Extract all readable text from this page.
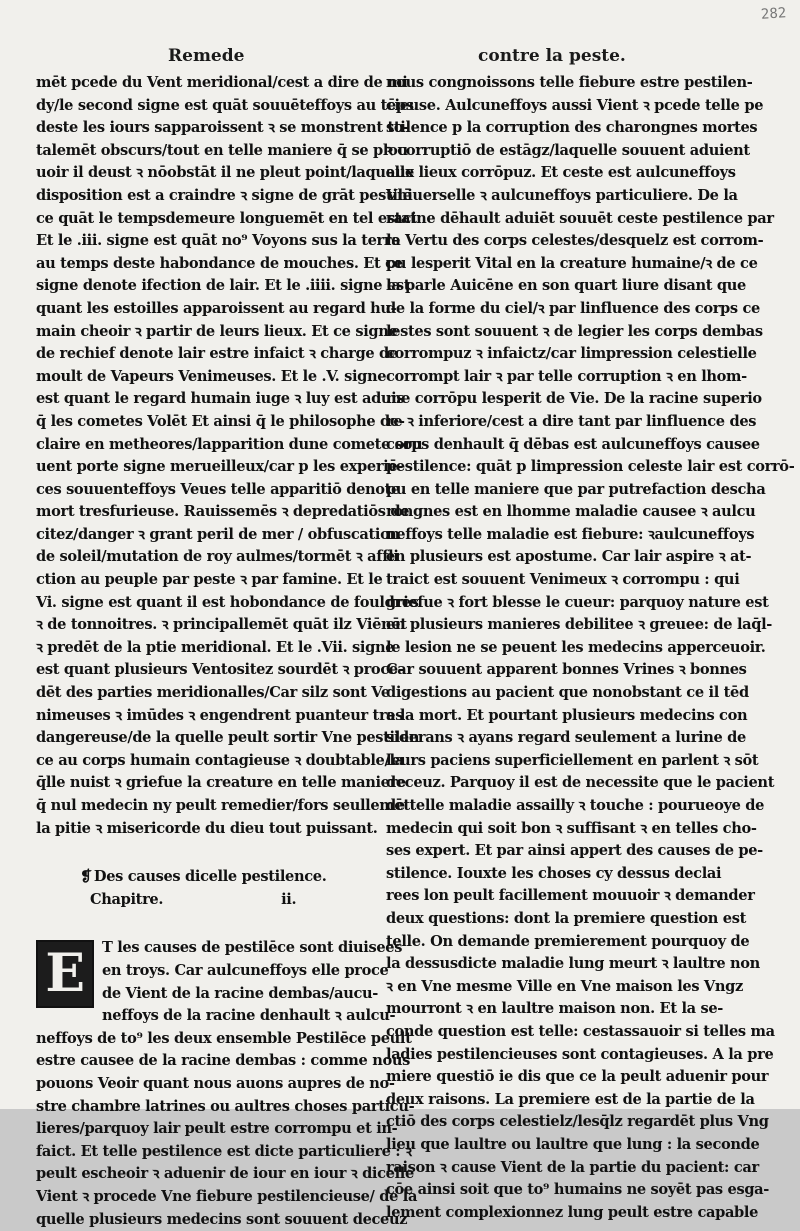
282
Remede	contre la peste.
mēt pcede du Vent meridional/cest a dire de mi
dy/le second signe est quāt souuēteffoys au tēps
deste les iours sapparoissent ꝛ se monstrent to-
talemēt obscurs/tout en telle maniere q̄ se plou
uoir il deust ꝛ nōobstāt il ne pleut point/laquelle
disposition est a craindre ꝛ signe de grāt pestilē
ce quāt le tempsdemeure longuemēt en tel estat
Et le .iii. signe est quāt no⁹ Voyons sus la terre
au temps deste habondance de mouches. Et ce
signe denote ifection de lair. Et le .iiii. signe est
quant les estoilles apparoissent au regard hu-
main cheoir ꝛ partir de leurs lieux. Et ce signe
de rechief denote lair estre infaict ꝛ charge de
moult de Vapeurs Venimeuses. Et le .V. signe
est quant le regard humain iuge ꝛ luy est aduis
q̄ les cometes Volēt Et ainsi q̄ le philosophe de-
claire en metheores/lapparition dune comete sou
uent porte signe merueilleux/car p les experiē-
ces souuenteffoys Veues telle apparitiō denote
mort tresfurieuse. Rauissemēs ꝛ depredatiōs de
citez/danger ꝛ grant peril de mer / obfuscation
de soleil/mutation de roy aulmes/tormēt ꝛ affli
ction au peuple par peste ꝛ par famine. Et le
Vi. signe est quant il est hobondance de fouldres
ꝛ de tonnoitres. ꝛ principallemēt quāt ilz Viēnēt
ꝛ predēt de la ptie meridional. Et le .Vii. signe
est quant plusieurs Ventositez sourdēt ꝛ proce-
dēt des parties meridionalles/Car silz sont Ve
nimeuses ꝛ imūdes ꝛ engendrent puanteur tres
dangereuse/de la quelle peult sortir Vne pestilen
ce au corps humain contagieuse ꝛ doubtable/la
q̄lle nuist ꝛ griefue la creature en telle maniere
q̄ nul medecin ny peult remedier/fors seullemēt
la pitie ꝛ misericorde du dieu tout puissant.
❡ Des causes dicelle pestilence.
Chapitre.	ii.
E	T les causes de pestilēce sont diuisees
en troys. Car aulcuneffoys elle proce
de Vient de la racine dembas/aucu-
neffoys de la racine denhault ꝛ aulcu-
neffoys de to⁹ les deux ensemble Pestilēce peult
estre causee de la racine dembas : comme nous
pouons Veoir quant nous auons aupres de no-
stre chambre latrines ou aultres choses particu-
lieres/parquoy lair peult estre corrompu et in-
faict. Et telle pestilence est dicte particuliere : ꝛ
peult escheoir ꝛ aduenir de iour en iour ꝛ dicelle
Vient ꝛ procede Vne fiebure pestilencieuse/ de la
quelle plusieurs medecins sont souuent deceuz
nous congnoissons telle fiebure estre pestilen-
cieuse. Aulcuneffoys aussi Vient ꝛ pcede telle pe
stilence p la corruption des charongnes mortes
ꝛ corruptiō de estāgz/laquelle souuent aduient
aux lieux corrōpuz. Et ceste est aulcuneffoys
Vniuerselle ꝛ aulcuneffoys particuliere. De la
racine dēhault aduiēt souuēt ceste pestilence par
la Vertu des corps celestes/desquelz est corrom-
pu lesperit Vital en la creature humaine/ꝛ de ce
la parle Auicēne en son quart liure disant que
de la forme du ciel/ꝛ par linfluence des corps ce
lestes sont souuent ꝛ de legier les corps dembas
corrompuz ꝛ infaictz/car limpression celestielle
corrompt lair ꝛ par telle corruption ꝛ en lhom-
me corrōpu lesperit de Vie. De la racine superio
re ꝛ inferiore/cest a dire tant par linfluence des
corps denhault q̄ dēbas est aulcuneffoys causee
pestilence: quāt p limpression celeste lair est corrō-
pu en telle maniere que par putrefaction descha
rongnes est en lhomme maladie causee ꝛ aulcu
neffoys telle maladie est fiebure: ꝛaulcuneffoys
en plusieurs est apostume. Car lair aspire ꝛ at-
traict est souuent Venimeux ꝛ corrompu : qui
griefue ꝛ fort blesse le cueur: parquoy nature est
en plusieurs manieres debilitee ꝛ greuee: de laq̄l-
le lesion ne se peuent les medecins apperceuoir.
Car souuent apparent bonnes Vrines ꝛ bonnes
digestions au pacient que nonobstant ce il tēd
a la mort. Et pourtant plusieurs medecins con
siderans ꝛ ayans regard seulement a lurine de
leurs paciens superficiellement en parlent ꝛ sōt
deceuz. Parquoy il est de necessite que le pacient
de telle maladie assailly ꝛ touche : pourueoye de
medecin qui soit bon ꝛ suffisant ꝛ en telles cho-
ses expert. Et par ainsi appert des causes de pe-
stilence. Iouxte les choses cy dessus declai
rees lon peult facillement mouuoir ꝛ demander
deux questions: dont la premiere question est
telle. On demande premierement pourquoy de
la dessusdicte maladie lung meurt ꝛ laultre non
ꝛ en Vne mesme Ville en Vne maison les Vngz
mourront ꝛ en laultre maison non. Et la se-
conde question est telle: cestassauoir si telles ma
ladies pestilencieuses sont contagieuses. A la pre
miere questiō ie dis que ce la peult aduenir pour
deux raisons. La premiere est de la partie de la
ctiō des corps celestielz/lesq̄lz regardēt plus Vng
lieu que laultre ou laultre que lung : la seconde
raison ꝛ cause Vient de la partie du pacient: car
cōe ainsi soit que to⁹ humains ne soyēt pas esga-
lement complexionnez lung peult estre capable
